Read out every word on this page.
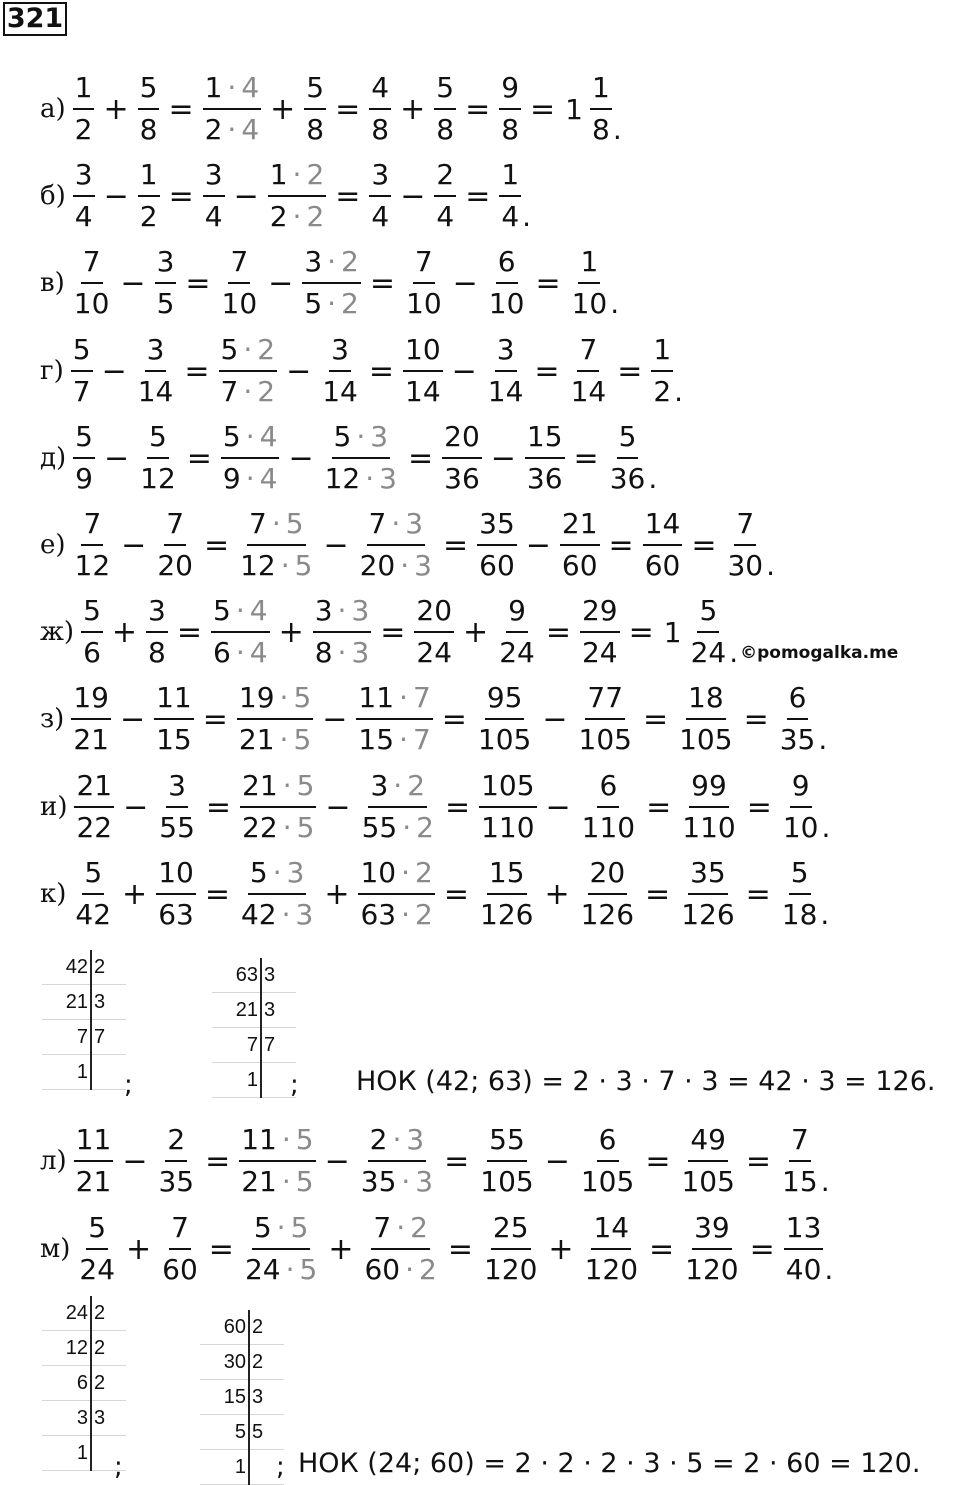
321
$а) \frac{1}{2} + \frac{5}{8} = \frac{1 \cdot 4}{2 \cdot 4} + \frac{5}{8} = \frac{4}{8} + \frac{5}{8} = \frac{9}{8} = 1 \frac{1}{8}$
.
$б) \frac{3}{4} - \frac{1}{2} = \frac{3}{4} - \frac{1 \cdot 2}{2 \cdot 2} = \frac{3}{4} - \frac{2}{4} = \frac{1}{4}$
.
$в) \frac{7}{10} - \frac{3}{5} = \frac{7}{10} - \frac{3 \cdot 2}{5 \cdot 2} = \frac{7}{10} - \frac{6}{10} = \frac{1}{10}$
.
$г) \frac{5}{7} - \frac{3}{14} = \frac{5 \cdot 2}{7 \cdot 2} - \frac{3}{14} = \frac{10}{14} - \frac{3}{14} = \frac{7}{14} = \frac{1}{2}$
.
$д) \frac{5}{9} - \frac{5}{12} = \frac{5 \cdot 4}{9 \cdot 4} - \frac{5 \cdot 3}{12 \cdot 3} = \frac{20}{36} - \frac{15}{36} = \frac{5}{36}$
.
$е) \frac{7}{12} - \frac{7}{20} = \frac{7 \cdot 5}{12 \cdot 5} - \frac{7 \cdot 3}{20 \cdot 3} = \frac{35}{60} - \frac{21}{60} = \frac{14}{60} = \frac{7}{30}$
.
$ж) \frac{5}{6} + \frac{3}{8} = \frac{5 \cdot 4}{6 \cdot 4} + \frac{3 \cdot 3}{8 \cdot 3} = \frac{20}{24} + \frac{9}{24} = \frac{29}{24} = 1 \frac{5}{24}$
. ©pomogalka.me
$з) \frac{19}{21} - \frac{11}{15} = \frac{19 \cdot 5}{21 \cdot 5} - \frac{11 \cdot 7}{15 \cdot 7} = \frac{95}{105} - \frac{77}{105} = \frac{18}{105} = \frac{6}{35}$
.
$и) \frac{21}{22} - \frac{3}{55} = \frac{21 \cdot 5}{22 \cdot 5} - \frac{3 \cdot 2}{55 \cdot 2} = \frac{105}{110} - \frac{6}{110} = \frac{99}{110} = \frac{9}{10}$
.
$к) \frac{5}{42} + \frac{10}{63} = \frac{5 \cdot 3}{42 \cdot 3} + \frac{10 \cdot 2}{63 \cdot 2} = \frac{15}{126} + \frac{20}{126} = \frac{35}{126} = \frac{5}{18}$
.
$л) \frac{11}{21} - \frac{2}{35} = \frac{11 \cdot 5}{21 \cdot 5} - \frac{2 \cdot 3}{35 \cdot 3} = \frac{55}{105} - \frac{6}{105} = \frac{49}{105} = \frac{7}{15}$
.
$м) \frac{5}{24} + \frac{7}{60} = \frac{5 \cdot 5}{24 \cdot 5} + \frac{7 \cdot 2}{60 \cdot 2} = \frac{25}{120} + \frac{14}{120} = \frac{39}{120} = \frac{13}{40}$
.
42	2
21	3
7	7
1	
63	3
21	3
7	7
1	
24	2
12	2
6	2
3	3
1	
60	2
30	2
15	3
5	5
1	
;	; НОК (42; 63) = 2 · 3 · 7 · 3 = 42 · 3 = 126.
;	; НОК (24; 60) = 2 · 2 · 2 · 3 · 5 = 2 · 60 = 120.
